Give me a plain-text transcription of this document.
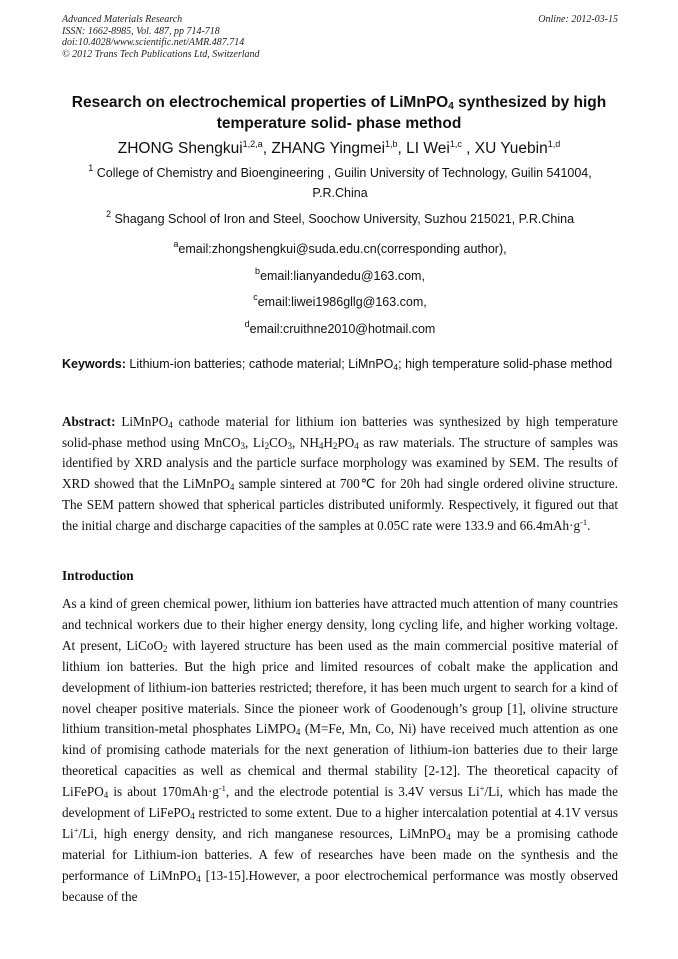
Advanced Materials Research
ISSN: 1662-8985, Vol. 487, pp 714-718
doi:10.4028/www.scientific.net/AMR.487.714
© 2012 Trans Tech Publications Ltd, Switzerland
Online: 2012-03-15
Research on electrochemical properties of LiMnPO$_4$ synthesized by high temperature solid- phase method
ZHONG Shengkui$^{1,2,a}$, ZHANG Yingmei$^{1,b}$, LI Wei$^{1,c}$ , XU Yuebin$^{1,d}$
$^1$ College of Chemistry and Bioengineering , Guilin University of Technology, Guilin 541004, P.R.China
$^2$ Shagang School of Iron and Steel, Soochow University, Suzhou 215021, P.R.China
$^a$email:zhongshengkui@suda.edu.cn(corresponding author),
$^b$email:lianyandedu@163.com,
$^c$email:liwei1986gllg@163.com,
$^d$email:cruithne2010@hotmail.com
Keywords: Lithium-ion batteries; cathode material; LiMnPO$_4$; high temperature solid-phase method
Abstract: LiMnPO$_4$ cathode material for lithium ion batteries was synthesized by high temperature solid-phase method using MnCO$_3$, $Li_2CO_3$, $NH_4H_2PO_4$ as raw materials. The structure of samples was identified by XRD analysis and the particle surface morphology was examined by SEM. The results of XRD showed that the LiMnPO$_4$ sample sintered at 700℃ for 20h had single ordered olivine structure. The SEM pattern showed that spherical particles distributed uniformly. Respectively, it figured out that the initial charge and discharge capacities of the samples at 0.05C rate were 133.9 and $66.4mAh\cdot g^{-1}$.
Introduction
As a kind of green chemical power, lithium ion batteries have attracted much attention of many countries and technical workers due to their higher energy density, long cycling life, and higher working voltage. At present, LiCoO$_2$ with layered structure has been used as the main commercial positive material of lithium ion batteries. But the high price and limited resources of cobalt make the application and development of lithium-ion batteries restricted; therefore, it has been much urgent to search for a kind of novel cheaper positive materials. Since the pioneer work of Goodenough’s group [1], olivine structure lithium transition-metal phosphates LiMPO$_4$ (M=Fe, Mn, Co, Ni) have received much attention as one kind of promising cathode materials for the next generation of lithium-ion batteries due to their large theoretical capacities as well as chemical and thermal stability [2-12]. The theoretical capacity of LiFePO$_4$ is about $170mAh\cdot g^{-1}$, and the electrode potential is 3.4V versus Li+/Li, which has made the development of LiFePO$_4$ restricted to some extent. Due to a higher intercalation potential at 4.1V versus Li+/Li, high energy density, and rich manganese resources, LiMnPO$_4$ may be a promising cathode material for Lithium-ion batteries. A few of researches have been made on the synthesis and the performance of LiMnPO$_4$ [13-15].However, a poor electrochemical performance was mostly observed because of the
